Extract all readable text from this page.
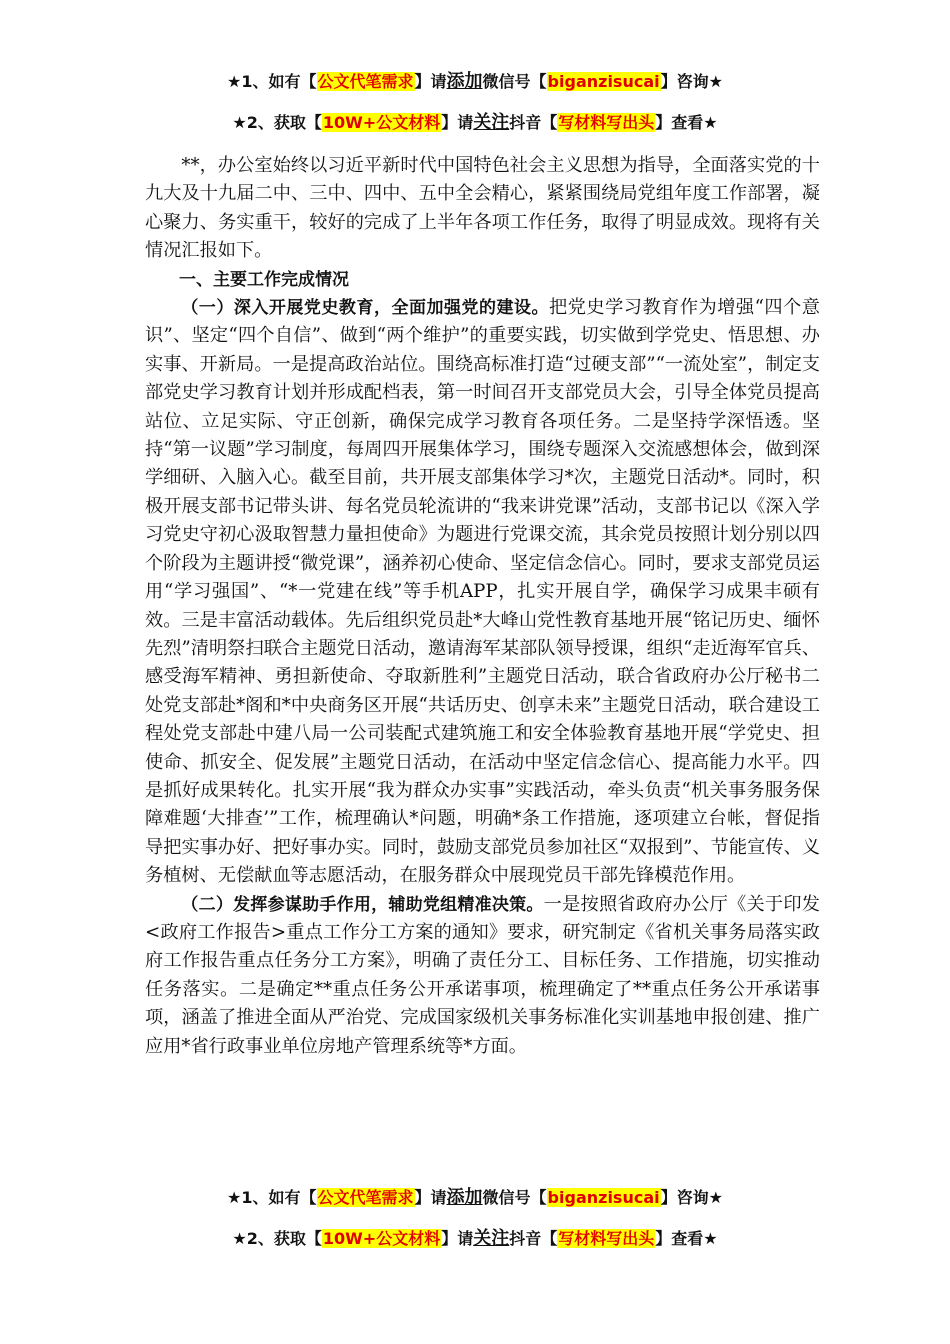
★1、如有【公文代笔需求】请添加微信号【biganzisucai】咨询★
★2、获取【10W+公文材料】请关注抖音【写材料写出头】查看★

**，办公室始终以习近平新时代中国特色社会主义思想为指导，全面落实党的十九大及十九届二中、三中、四中、五中全会精心，紧紧围绕局党组年度工作部署，凝心聚力、务实重干，较好的完成了上半年各项工作任务，取得了明显成效。现将有关情况汇报如下。

一、主要工作完成情况

（一）深入开展党史教育，全面加强党的建设。把党史学习教育作为增强“四个意识”、坚定“四个自信”、做到“两个维护”的重要实践，切实做到学党史、悟思想、办实事、开新局。一是提高政治站位。围绕高标准打造“过硬支部”“一流处室”，制定支部党史学习教育计划并形成配档表，第一时间召开支部党员大会，引导全体党员提高站位、立足实际、守正创新，确保完成学习教育各项任务。二是坚持学深悟透。坚持“第一议题”学习制度，每周四开展集体学习，围绕专题深入交流感想体会，做到深学细研、入脑入心。截至目前，共开展支部集体学习*次，主题党日活动*。同时，积极开展支部书记带头讲、每名党员轮流讲的“我来讲党课”活动，支部书记以《深入学习党史守初心汲取智慧力量担使命》为题进行党课交流，其余党员按照计划分别以四个阶段为主题讲授“微党课”，涵养初心使命、坚定信念信心。同时，要求支部党员运用“学习强国”、“*一党建在线”等手机APP，扎实开展自学，确保学习成果丰硕有效。三是丰富活动载体。先后组织党员赴*大峰山党性教育基地开展“铭记历史、缅怀先烈”清明祭扫联合主题党日活动，邀请海军某部队领导授课，组织“走近海军官兵、感受海军精神、勇担新使命、夺取新胜利”主题党日活动，联合省政府办公厅秘书二处党支部赴*阁和*中央商务区开展“共话历史、创享未来”主题党日活动，联合建设工程处党支部赴中建八局一公司装配式建筑施工和安全体验教育基地开展“学党史、担使命、抓安全、促发展”主题党日活动，在活动中坚定信念信心、提高能力水平。四是抓好成果转化。扎实开展“我为群众办实事”实践活动，牵头负责“机关事务服务保障难题‘大排查’”工作，梳理确认*问题，明确*条工作措施，逐项建立台帐，督促指导把实事办好、把好事办实。同时，鼓励支部党员参加社区“双报到”、节能宣传、义务植树、无偿献血等志愿活动，在服务群众中展现党员干部先锋模范作用。

（二）发挥参谋助手作用，辅助党组精准决策。一是按照省政府办公厅《关于印发<政府工作报告>重点工作分工方案的通知》要求，研究制定《省机关事务局落实政府工作报告重点任务分工方案》，明确了责任分工、目标任务、工作措施，切实推动任务落实。二是确定**重点任务公开承诺事项，梳理确定了**重点任务公开承诺事项，涵盖了推进全面从严治党、完成国家级机关事务标准化实训基地申报创建、推广应用*省行政事业单位房地产管理系统等*方面。

★1、如有【公文代笔需求】请添加微信号【biganzisucai】咨询★
★2、获取【10W+公文材料】请关注抖音【写材料写出头】查看★
